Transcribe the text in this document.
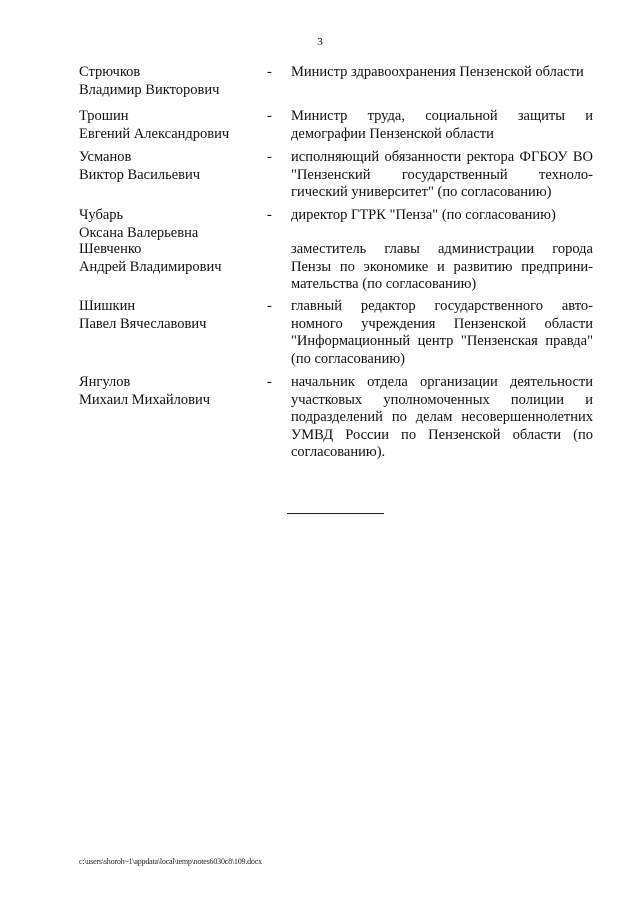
3
Стрючков
Владимир Викторович
- Министр здравоохранения Пензенской области
Трошин
Евгений Александрович
- Министр труда, социальной защиты и демографии Пензенской области
Усманов
Виктор Васильевич
- исполняющий обязанности ректора ФГБОУ ВО "Пензенский государственный техноло-гический университет" (по согласованию)
Чубарь
Оксана Валерьевна
- директор ГТРК "Пенза" (по согласованию)
Шевченко
Андрей Владимирович
заместитель главы администрации города Пензы по экономике и развитию предприни-мательства (по согласованию)
Шишкин
Павел Вячеславович
- главный редактор государственного авто-номного учреждения Пензенской области "Информационный центр "Пензенская правда" (по согласованию)
Янгулов
Михаил Михайлович
- начальник отдела организации деятельности участковых уполномоченных полиции и подразделений по делам несовершеннолетних УМВД России по Пензенской области (по согласованию).
c:\users\shoroh~1\appdata\local\temp\notes6030c8\109.docx
